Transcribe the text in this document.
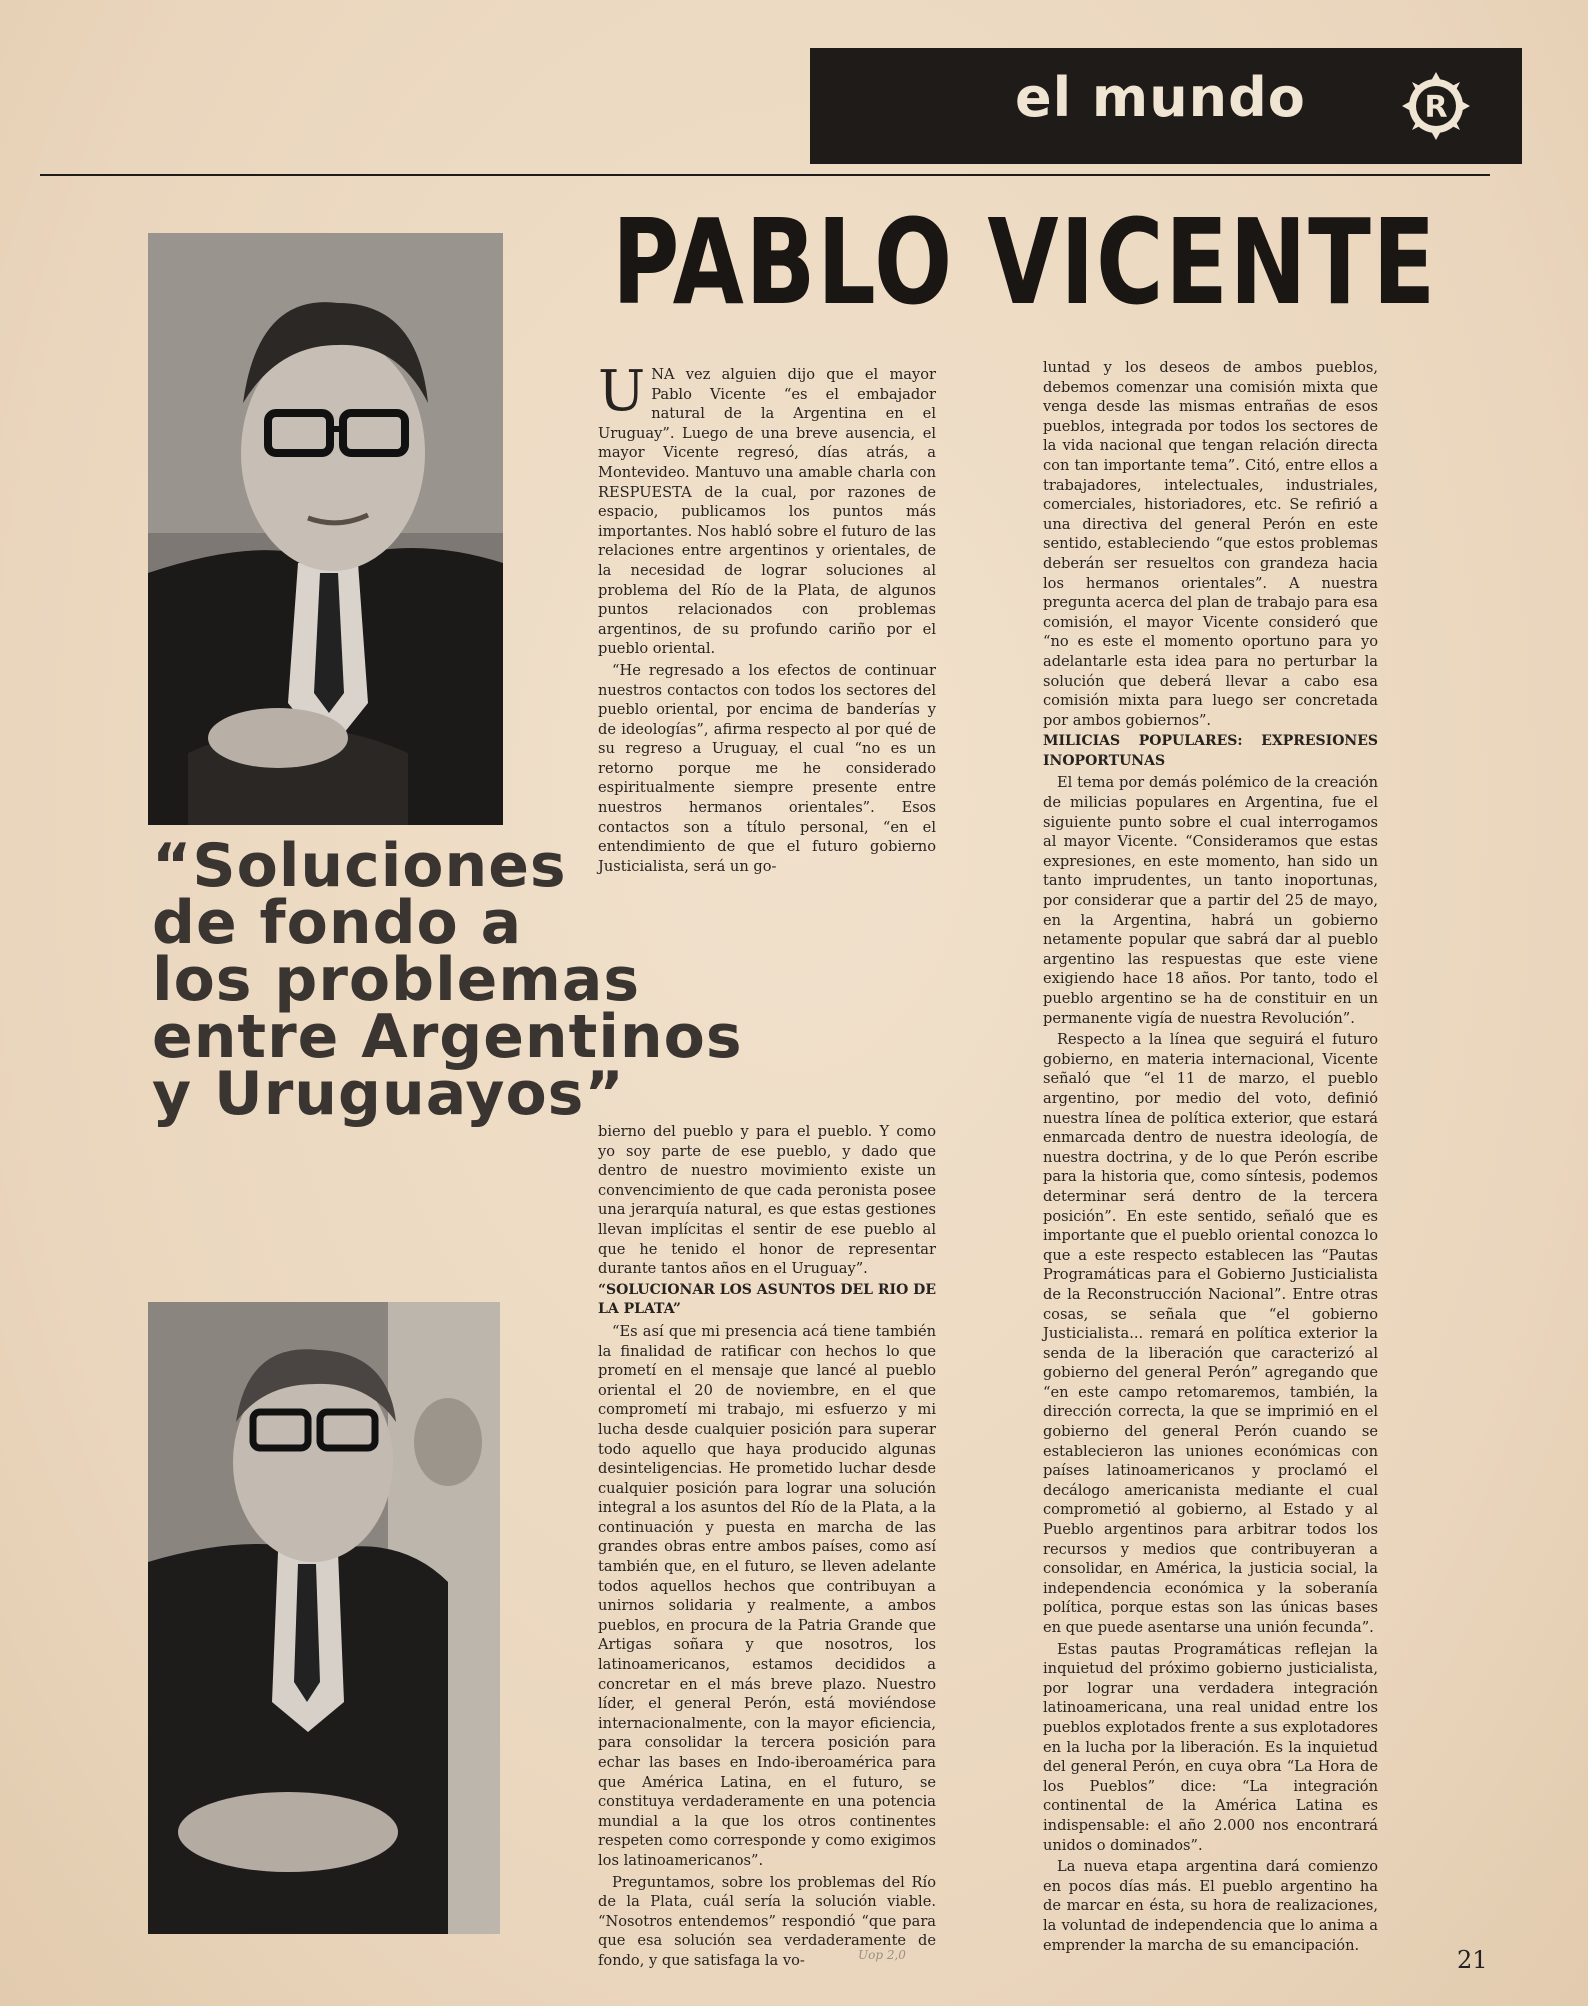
el mundo	R
PABLO VICENTE

UNA vez alguien dijo que el mayor Pablo Vicente “es el embajador natural de la Argentina en el Uruguay”. Luego de una breve ausencia, el mayor Vicente regresó, días atrás, a Montevideo. Mantuvo una amable charla con RESPUESTA de la cual, por razones de espacio, publicamos los puntos más importantes. Nos habló sobre el futuro de las relaciones entre argentinos y orientales, de la necesidad de lograr soluciones al problema del Río de la Plata, de algunos puntos relacionados con problemas argentinos, de su profundo cariño por el pueblo oriental.

“He regresado a los efectos de continuar nuestros contactos con todos los sectores del pueblo oriental, por encima de banderías y de ideologías”, afirma respecto al por qué de su regreso a Uruguay, el cual “no es un retorno porque me he considerado espiritualmente siempre presente entre nuestros hermanos orientales”. Esos contactos son a título personal, “en el entendimiento de que el futuro gobierno Justicialista, será un go-

“Soluciones
de fondo a
los problemas
entre Argentinos
y Uruguayos”

bierno del pueblo y para el pueblo. Y como yo soy parte de ese pueblo, y dado que dentro de nuestro movimiento existe un convencimiento de que cada peronista posee una jerarquía natural, es que estas gestiones llevan implícitas el sentir de ese pueblo al que he tenido el honor de representar durante tantos años en el Uruguay”.

“SOLUCIONAR LOS ASUNTOS DEL RIO DE LA PLATA”

“Es así que mi presencia acá tiene también la finalidad de ratificar con hechos lo que prometí en el mensaje que lancé al pueblo oriental el 20 de noviembre, en el que comprometí mi trabajo, mi esfuerzo y mi lucha desde cualquier posición para superar todo aquello que haya producido algunas desinteligencias. He prometido luchar desde cualquier posición para lograr una solución integral a los asuntos del Río de la Plata, a la continuación y puesta en marcha de las grandes obras entre ambos países, como así también que, en el futuro, se lleven adelante todos aquellos hechos que contribuyan a unirnos solidaria y realmente, a ambos pueblos, en procura de la Patria Grande que Artigas soñara y que nosotros, los latinoamericanos, estamos decididos a concretar en el más breve plazo. Nuestro líder, el general Perón, está moviéndose internacionalmente, con la mayor eficiencia, para consolidar la tercera posición para echar las bases en Indo-iberoamérica para que América Latina, en el futuro, se constituya verdaderamente en una potencia mundial a la que los otros continentes respeten como corresponde y como exigimos los latinoamericanos”.

Preguntamos, sobre los problemas del Río de la Plata, cuál sería la solución viable. “Nosotros entendemos” respondió “que para que esa solución sea verdaderamente de fondo, y que satisfaga la vo-

luntad y los deseos de ambos pueblos, debemos comenzar una comisión mixta que venga desde las mismas entrañas de esos pueblos, integrada por todos los sectores de la vida nacional que tengan relación directa con tan importante tema”. Citó, entre ellos a trabajadores, intelectuales, industriales, comerciales, historiadores, etc. Se refirió a una directiva del general Perón en este sentido, estableciendo “que estos problemas deberán ser resueltos con grandeza hacia los hermanos orientales”. A nuestra pregunta acerca del plan de trabajo para esa comisión, el mayor Vicente consideró que “no es este el momento oportuno para yo adelantarle esta idea para no perturbar la solución que deberá llevar a cabo esa comisión mixta para luego ser concretada por ambos gobiernos”.

MILICIAS POPULARES: EXPRESIONES INOPORTUNAS

El tema por demás polémico de la creación de milicias populares en Argentina, fue el siguiente punto sobre el cual interrogamos al mayor Vicente. “Consideramos que estas expresiones, en este momento, han sido un tanto imprudentes, un tanto inoportunas, por considerar que a partir del 25 de mayo, en la Argentina, habrá un gobierno netamente popular que sabrá dar al pueblo argentino las respuestas que este viene exigiendo hace 18 años. Por tanto, todo el pueblo argentino se ha de constituir en un permanente vigía de nuestra Revolución”.

Respecto a la línea que seguirá el futuro gobierno, en materia internacional, Vicente señaló que “el 11 de marzo, el pueblo argentino, por medio del voto, definió nuestra línea de política exterior, que estará enmarcada dentro de nuestra ideología, de nuestra doctrina, y de lo que Perón escribe para la historia que, como síntesis, podemos determinar será dentro de la tercera posición”. En este sentido, señaló que es importante que el pueblo oriental conozca lo que a este respecto establecen las “Pautas Programáticas para el Gobierno Justicialista de la Reconstrucción Nacional”. Entre otras cosas, se señala que “el gobierno Justicialista... remará en política exterior la senda de la liberación que caracterizó al gobierno del general Perón” agregando que “en este campo retomaremos, también, la dirección correcta, la que se imprimió en el gobierno del general Perón cuando se establecieron las uniones económicas con países latinoamericanos y proclamó el decálogo americanista mediante el cual comprometió al gobierno, al Estado y al Pueblo argentinos para arbitrar todos los recursos y medios que contribuyeran a consolidar, en América, la justicia social, la independencia económica y la soberanía política, porque estas son las únicas bases en que puede asentarse una unión fecunda”.

Estas pautas Programáticas reflejan la inquietud del próximo gobierno justicialista, por lograr una verdadera integración latinoamericana, una real unidad entre los pueblos explotados frente a sus explotadores en la lucha por la liberación. Es la inquietud del general Perón, en cuya obra “La Hora de los Pueblos” dice: “La integración continental de la América Latina es indispensable: el año 2.000 nos encontrará unidos o dominados”.

La nueva etapa argentina dará comienzo en pocos días más. El pueblo argentino ha de marcar en ésta, su hora de realizaciones, la voluntad de independencia que lo anima a emprender la marcha de su emancipación.

Uop 2,0	21
